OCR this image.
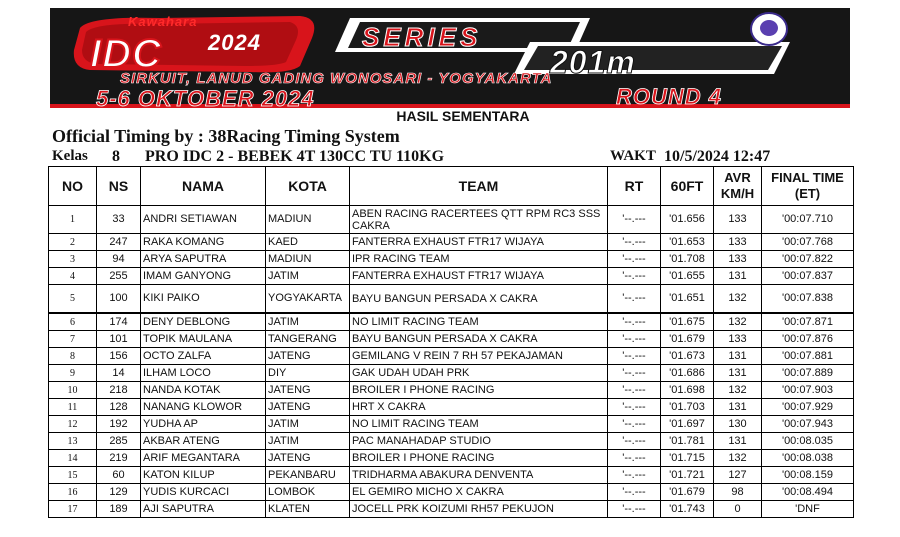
Kawahara
IDC 2024	SERIES
201m
SIRKUIT, LANUD GADING WONOSARI - YOGYAKARTA
5-6 OKTOBER 2024	ROUND 4
HASIL SEMENTARA
Official Timing by : 38Racing Timing System
Kelas 8 PRO IDC 2 - BEBEK 4T 130CC TU 110KG	WAKT 10/5/2024 12:47
NO	NS	NAMA	KOTA	TEAM	RT	60FT	AVR KM/H	FINAL TIME (ET)
1	33	ANDRI SETIAWAN	MADIUN	ABEN RACING RACERTEES QTT RPM RC3 SSS CAKRA	'--.---	'01.656	133	'00:07.710
2	247	RAKA KOMANG	KAED	FANTERRA EXHAUST FTR17 WIJAYA	'--.---	'01.653	133	'00:07.768
3	94	ARYA SAPUTRA	MADIUN	IPR RACING TEAM	'--.---	'01.708	133	'00:07.822
4	255	IMAM GANYONG	JATIM	FANTERRA EXHAUST FTR17 WIJAYA	'--.---	'01.655	131	'00:07.837
5	100	KIKI PAIKO	YOGYAKARTA	BAYU BANGUN PERSADA X CAKRA	'--.---	'01.651	132	'00:07.838
6	174	DENY DEBLONG	JATIM	NO LIMIT RACING TEAM	'--.---	'01.675	132	'00:07.871
7	101	TOPIK MAULANA	TANGERANG	BAYU BANGUN PERSADA X CAKRA	'--.---	'01.679	133	'00:07.876
8	156	OCTO ZALFA	JATENG	GEMILANG V REIN 7 RH 57 PEKAJAMAN	'--.---	'01.673	131	'00:07.881
9	14	ILHAM LOCO	DIY	GAK UDAH UDAH PRK	'--.---	'01.686	131	'00:07.889
10	218	NANDA KOTAK	JATENG	BROILER I PHONE RACING	'--.---	'01.698	132	'00:07.903
11	128	NANANG KLOWOR	JATENG	HRT X CAKRA	'--.---	'01.703	131	'00:07.929
12	192	YUDHA AP	JATIM	NO LIMIT RACING TEAM	'--.---	'01.697	130	'00:07.943
13	285	AKBAR ATENG	JATIM	PAC MANAHADAP STUDIO	'--.---	'01.781	131	'00:08.035
14	219	ARIF MEGANTARA	JATENG	BROILER I PHONE RACING	'--.---	'01.715	132	'00:08.038
15	60	KATON KILUP	PEKANBARU	TRIDHARMA ABAKURA DENVENTA	'--.---	'01.721	127	'00:08.159
16	129	YUDIS KURCACI	LOMBOK	EL GEMIRO MICHO X CAKRA	'--.---	'01.679	98	'00:08.494
17	189	AJI SAPUTRA	KLATEN	JOCELL PRK KOIZUMI RH57 PEKUJON	'--.---	'01.743	0	'DNF
